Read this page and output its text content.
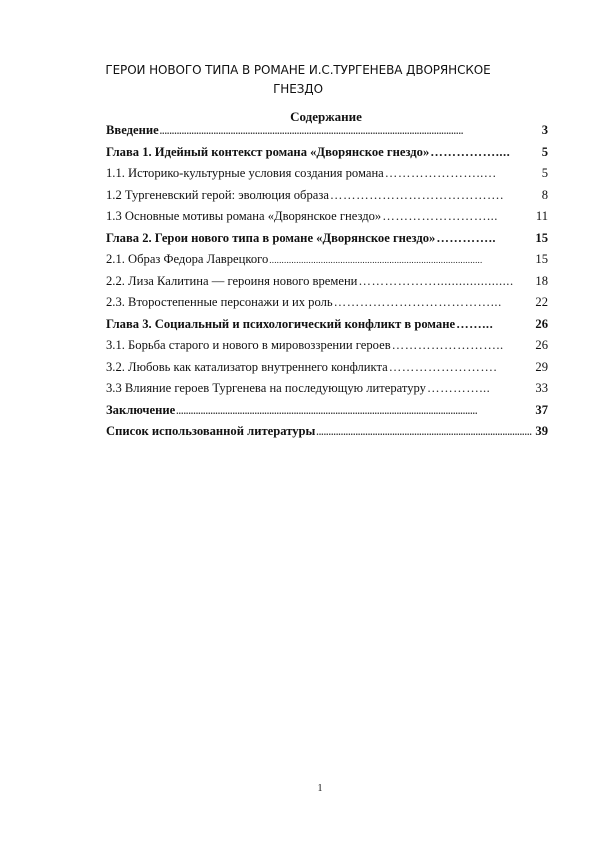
ГЕРОИ НОВОГО ТИПА В РОМАНЕ И.С.ТУРГЕНЕВА ДВОРЯНСКОЕ
ГНЕЗДО
Содержание
Введение ............................................................................................................................	3
Глава 1. Идейный контекст романа «Дворянское гнездо» ……………....	5
1.1. Историко-культурные условия создания романа …………………..…	5
1.2 Тургеневский герой: эволюция образа ………………………………….	8
1.3 Основные мотивы романа «Дворянское гнездо» ……………………...	11
Глава 2. Герои нового типа в романе «Дворянское гнездо» …………..	15
2.1. Образ Федора Лаврецкого .......................................................................................	15
2.2. Лиза Калитина — героиня нового времени ……………….....................	18
2.3. Второстепенные персонажи и их роль ………………………………...	22
Глава 3. Социальный и психологический конфликт в романе ……...	26
3.1. Борьба старого и нового в мировоззрении героев ……………………..	26
3.2. Любовь как катализатор внутреннего конфликта …………………….	29
3.3 Влияние героев Тургенева на последующую литературу …………...	33
Заключение ...........................................................................................................................	37
Список использованной литературы ........................................................................................ 39
1
